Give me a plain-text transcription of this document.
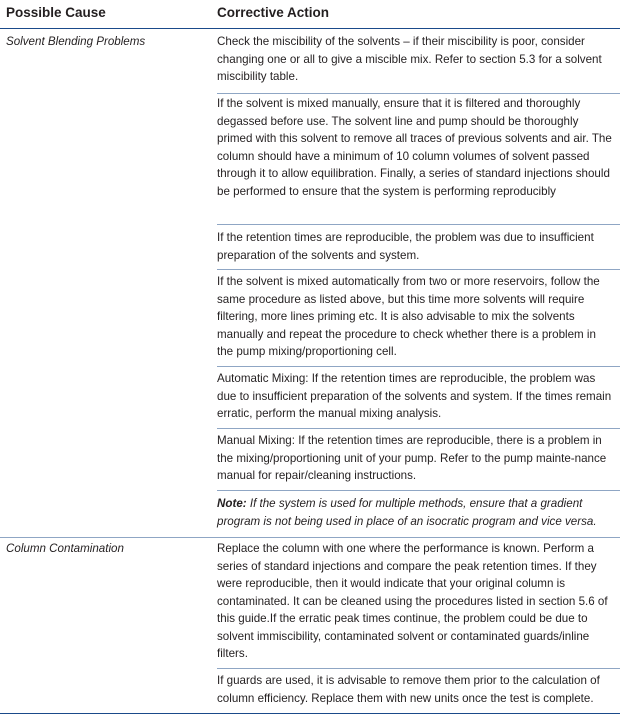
Possible Cause	Corrective Action
Solvent Blending Problems	Check the miscibility of the solvents – if their miscibility is poor, consider changing one or all to give a miscible mix. Refer to section 5.3 for a solvent miscibility table.
If the solvent is mixed manually, ensure that it is filtered and thoroughly degassed before use. The solvent line and pump should be thoroughly primed with this solvent to remove all traces of previous solvents and air. The column should have a minimum of 10 column volumes of solvent passed through it to allow equilibration. Finally, a series of standard injections should be performed to ensure that the system is performing reproducibly
If the retention times are reproducible, the problem was due to insufficient preparation of the solvents and system.
If the solvent is mixed automatically from two or more reservoirs, follow the same procedure as listed above, but this time more solvents will require filtering, more lines priming etc. It is also advisable to mix the solvents manually and repeat the procedure to check whether there is a problem in the pump mixing/proportioning cell.
Automatic Mixing: If the retention times are reproducible, the problem was due to insufficient preparation of the solvents and system. If the times remain erratic, perform the manual mixing analysis.
Manual Mixing: If the retention times are reproducible, there is a problem in the mixing/proportioning unit of your pump. Refer to the pump mainte-nance manual for repair/cleaning instructions.
Note: If the system is used for multiple methods, ensure that a gradient program is not being used in place of an isocratic program and vice versa.
Column Contamination	Replace the column with one where the performance is known. Perform a series of standard injections and compare the peak retention times. If they were reproducible, then it would indicate that your original column is contaminated. It can be cleaned using the procedures listed in section 5.6 of this guide.If the erratic peak times continue, the problem could be due to solvent immiscibility, contaminated solvent or contaminated guards/inline filters.
If guards are used, it is advisable to remove them prior to the calculation of column efficiency. Replace them with new units once the test is complete.
